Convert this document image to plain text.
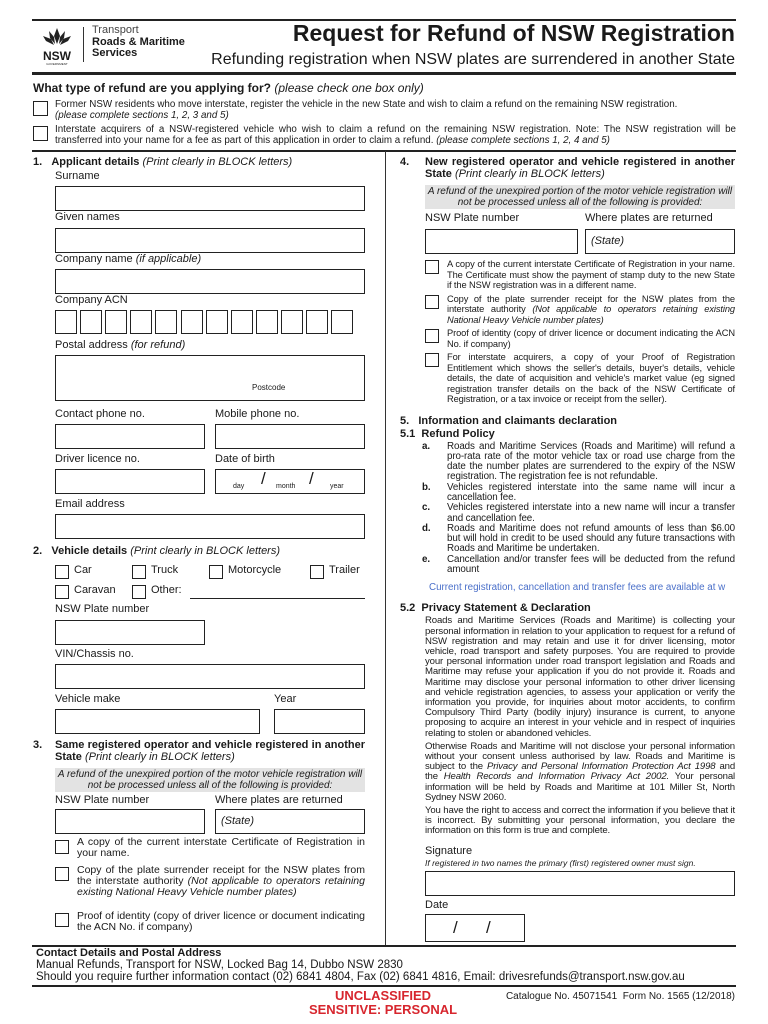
NSW
GOVERNMENT
Transport
Roads & Maritime
Services
Request for Refund of NSW Registration
Refunding registration when NSW plates are surrendered in another State
What type of refund are you applying for? (please check one box only)
Former NSW residents who move interstate, register the vehicle in the new State and wish to claim a refund on the remaining NSW registration.
(please complete sections 1, 2, 3 and 5)
Interstate acquirers of a NSW-registered vehicle who wish to claim a refund on the remaining NSW registration. Note: The NSW registration will be transferred into your name for a fee as part of this application in order to claim a refund. (please complete sections 1, 2, 4 and 5)
1. Applicant details (Print clearly in BLOCK letters)
Surname
Given names
Company name (if applicable)
Company ACN
Postal address (for refund)
Postcode
Contact phone no.	Mobile phone no.
Driver licence no.	Date of birth
day / month / year
Email address
2. Vehicle details (Print clearly in BLOCK letters)
Car	Truck	Motorcycle	Trailer
Caravan	Other:
NSW Plate number
VIN/Chassis no.
Vehicle make	Year
3. Same registered operator and vehicle registered in another State (Print clearly in BLOCK letters)
A refund of the unexpired portion of the motor vehicle registration will not be processed unless all of the following is provided:
NSW Plate number	Where plates are returned
(State)
A copy of the current interstate Certificate of Registration in your name.
Copy of the plate surrender receipt for the NSW plates from the interstate authority (Not applicable to operators retaining existing National Heavy Vehicle number plates)
Proof of identity (copy of driver licence or document indicating the ACN No. if company)
4. New registered operator and vehicle registered in another State (Print clearly in BLOCK letters)
A refund of the unexpired portion of the motor vehicle registration will not be processed unless all of the following is provided:
NSW Plate number	Where plates are returned
(State)
A copy of the current interstate Certificate of Registration in your name. The Certificate must show the payment of stamp duty to the new State if the NSW registration was in a different name.
Copy of the plate surrender receipt for the NSW plates from the interstate authority (Not applicable to operators retaining existing National Heavy Vehicle number plates)
Proof of identity (copy of driver licence or document indicating the ACN No. if company)
For interstate acquirers, a copy of your Proof of Registration Entitlement which shows the seller's details, buyer's details, vehicle details, the date of acquisition and vehicle's market value (eg signed registration transfer details on the back of the NSW Certificate of Registration, or a tax invoice or receipt from the seller).
5. Information and claimants declaration
5.1 Refund Policy
a.	Roads and Maritime Services (Roads and Maritime) will refund a pro-rata rate of the motor vehicle tax or road use charge from the date the number plates are surrendered to the expiry of the NSW registration. The registration fee is not refundable.
b.	Vehicles registered interstate into the same name will incur a cancellation fee.
c.	Vehicles registered interstate into a new name will incur a transfer and cancellation fee.
d.	Roads and Maritime does not refund amounts of less than $6.00 but will hold in credit to be used should any future transactions with Roads and Maritime be undertaken.
e.	Cancellation and/or transfer fees will be deducted from the refund amount
Current registration, cancellation and transfer fees are available at w
5.2 Privacy Statement & Declaration
Roads and Maritime Services (Roads and Maritime) is collecting your personal information in relation to your application to request for a refund of NSW registration and may retain and use it for driver licensing, motor vehicle, road transport and safety purposes. You are required to provide your personal information under road transport legislation and Roads and Maritime may refuse your application if you do not provide it. Roads and Maritime may disclose your personal information to other driver licensing and vehicle registration agencies, to assess your application or verify the information you provide, for inquiries about motor accidents, to confirm Compulsory Third Party (bodily injury) insurance is current, to anyone proposing to acquire an interest in your vehicle and in respect of inquiries relating to stolen or abandoned vehicles.
Otherwise Roads and Maritime will not disclose your personal information without your consent unless authorised by law. Roads and Maritime is subject to the Privacy and Personal Information Protection Act 1998 and the Health Records and Information Privacy Act 2002. Your personal information will be held by Roads and Maritime at 101 Miller St, North Sydney NSW 2060.
You have the right to access and correct the information if you believe that it is incorrect. By submitting your personal information, you declare the information on this form is true and complete.
Signature
If registered in two names the primary (first) registered owner must sign.
Date
/ /
Contact Details and Postal Address
Manual Refunds, Transport for NSW, Locked Bag 14, Dubbo NSW 2830
Should you require further information contact (02) 6841 4804, Fax (02) 6841 4816, Email: drivesrefunds@transport.nsw.gov.au
UNCLASSIFIED
SENSITIVE: PERSONAL
Catalogue No. 45071541  Form No. 1565 (12/2018)
